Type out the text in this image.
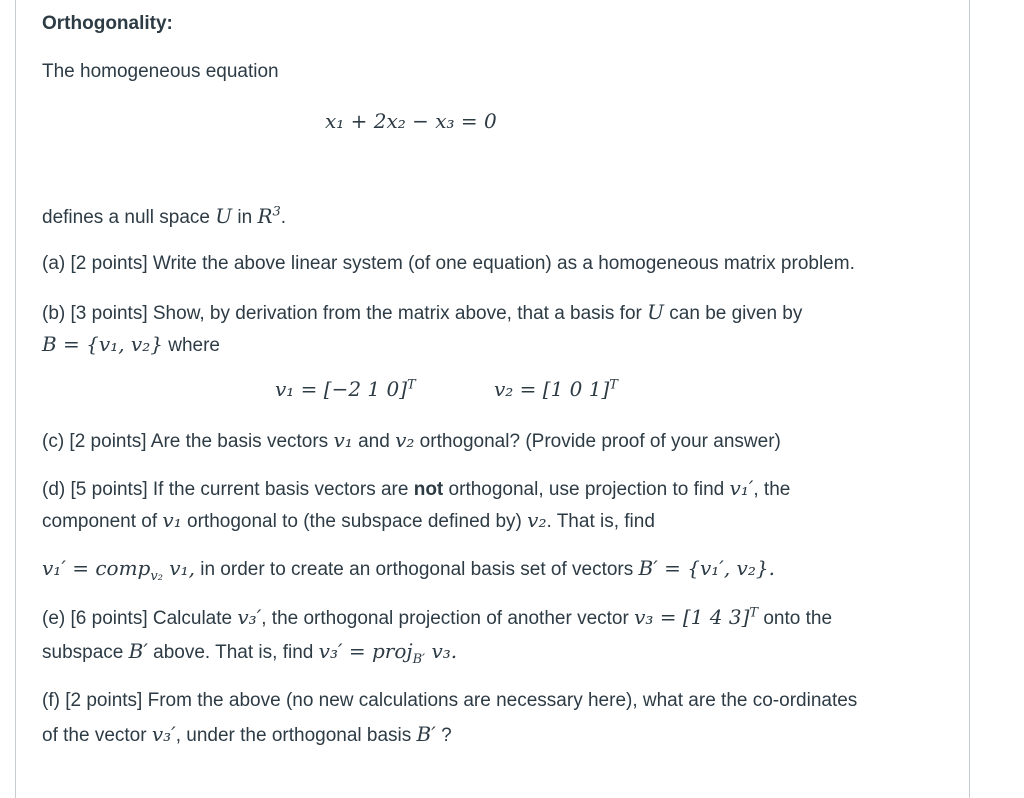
Orthogonality:
The homogeneous equation
x₁ + 2x₂ − x₃ = 0
defines a null space U in $R^3$.
(a) [2 points] Write the above linear system (of one equation) as a homogeneous matrix problem.
(b) [3 points] Show, by derivation from the matrix above, that a basis for U can be given by
B = {v₁, v₂} where
v₁ = [−2 1 0]$^T$	v₂ = [1 0 1]$^T$
(c) [2 points] Are the basis vectors v₁ and v₂ orthogonal? (Provide proof of your answer)
(d) [5 points] If the current basis vectors are not orthogonal, use projection to find v₁′, the
component of v₁ orthogonal to (the subspace defined by) v₂. That is, find
v₁′ = comp$_{v_2}$ v₁, in order to create an orthogonal basis set of vectors B′ = {v₁′, v₂}.
(e) [6 points] Calculate v₃′, the orthogonal projection of another vector v₃ = [1 4 3]$^T$ onto the
subspace B′ above. That is, find v₃′ = proj$_{B'}$ v₃.
(f) [2 points] From the above (no new calculations are necessary here), what are the co-ordinates
of the vector v₃′, under the orthogonal basis B′ ?
